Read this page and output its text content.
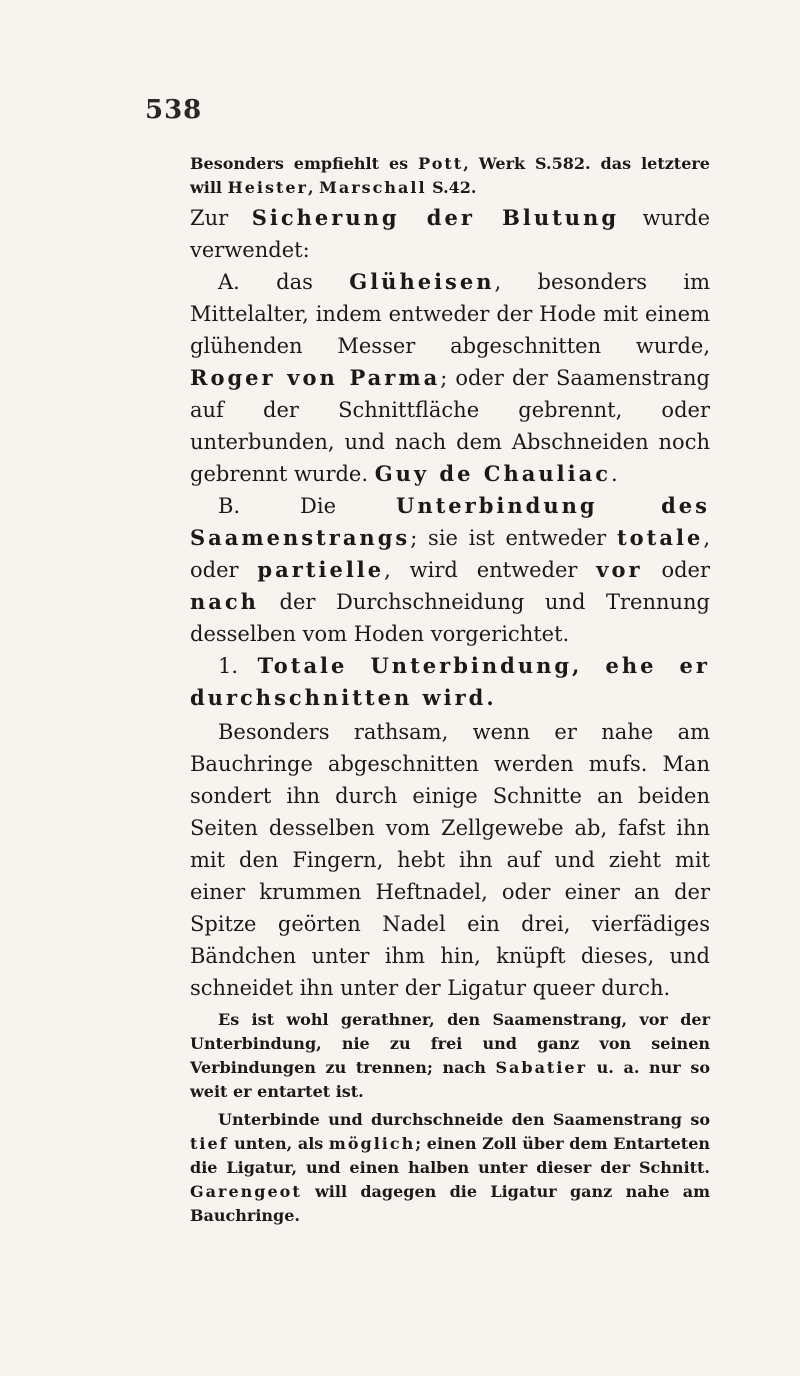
538

Besonders empfiehlt es Pott, Werk S.582. das letztere will Heister, Marschall S.42.

Zur Sicherung der Blutung wurde verwendet:

A. das Glüheisen, besonders im Mittelalter, indem entweder der Hode mit einem glühenden Messer abgeschnitten wurde, Roger von Parma; oder der Saamenstrang auf der Schnittfläche gebrennt, oder unterbunden, und nach dem Abschneiden noch gebrennt wurde. Guy de Chauliac.

B. Die Unterbindung des Saamenstrangs; sie ist entweder totale, oder partielle, wird entweder vor oder nach der Durchschneidung und Trennung desselben vom Hoden vorgerichtet.

1. Totale Unterbindung, ehe er durchschnitten wird.

Besonders rathsam, wenn er nahe am Bauchringe abgeschnitten werden mufs. Man sondert ihn durch einige Schnitte an beiden Seiten desselben vom Zellgewebe ab, fafst ihn mit den Fingern, hebt ihn auf und zieht mit einer krummen Heftnadel, oder einer an der Spitze geörten Nadel ein drei, vierfädiges Bändchen unter ihm hin, knüpft dieses, und schneidet ihn unter der Ligatur queer durch.

Es ist wohl gerathner, den Saamenstrang, vor der Unterbindung, nie zu frei und ganz von seinen Verbindungen zu trennen; nach Sabatier u. a. nur so weit er entartet ist.

Unterbinde und durchschneide den Saamenstrang so tief unten, als möglich; einen Zoll über dem Entarteten die Ligatur, und einen halben unter dieser der Schnitt. Garengeot will dagegen die Ligatur ganz nahe am Bauchringe.
